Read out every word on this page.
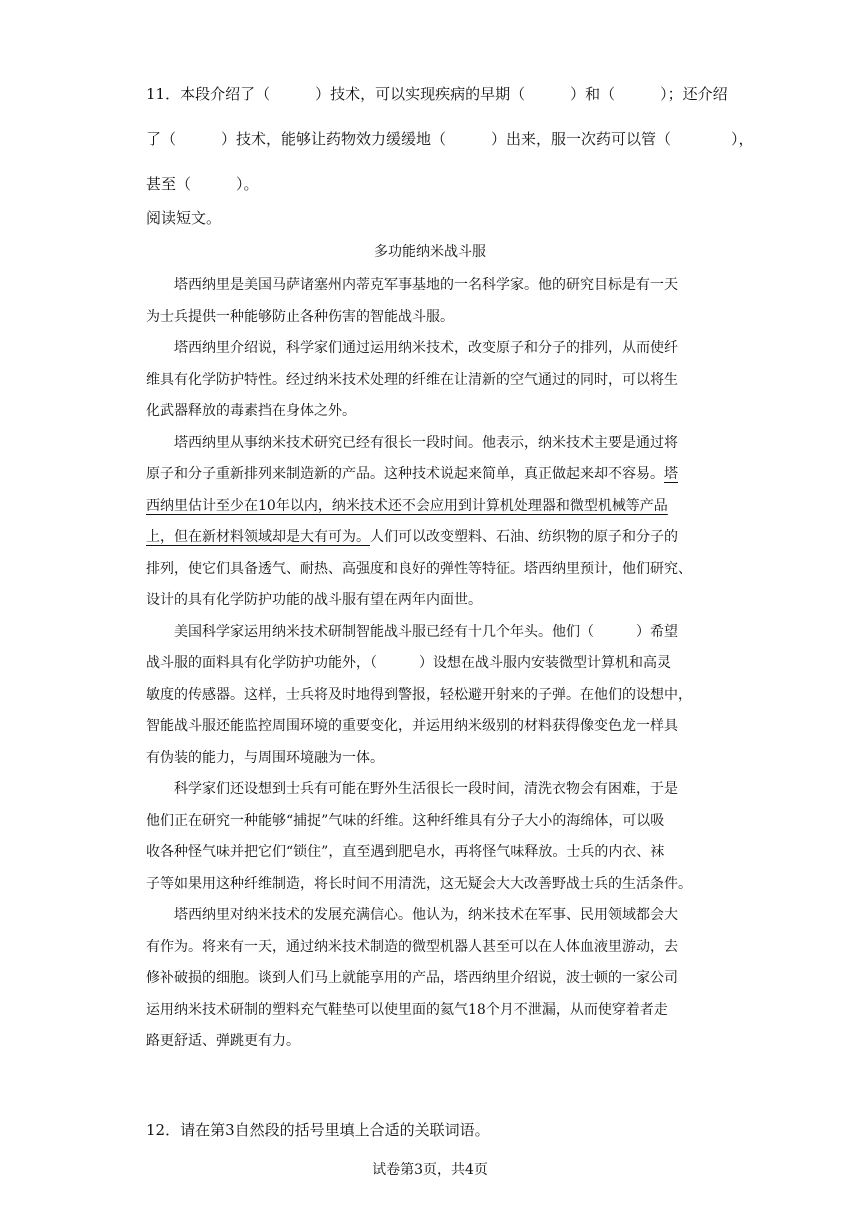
11．本段介绍了（　　　）技术，可以实现疾病的早期（　　　）和（　　　）；还介绍

了（　　　）技术，能够让药物效力缓缓地（　　　）出来，服一次药可以管（　　　　），

甚至（　　　）。

阅读短文。

多功能纳米战斗服

塔西纳里是美国马萨诸塞州内蒂克军事基地的一名科学家。他的研究目标是有一天
为士兵提供一种能够防止各种伤害的智能战斗服。

塔西纳里介绍说，科学家们通过运用纳米技术，改变原子和分子的排列，从而使纤
维具有化学防护特性。经过纳米技术处理的纤维在让清新的空气通过的同时，可以将生
化武器释放的毒素挡在身体之外。

塔西纳里从事纳米技术研究已经有很长一段时间。他表示，纳米技术主要是通过将
原子和分子重新排列来制造新的产品。这种技术说起来简单，真正做起来却不容易。塔
西纳里估计至少在10年以内，纳米技术还不会应用到计算机处理器和微型机械等产品
上，但在新材料领域却是大有可为。人们可以改变塑料、石油、纺织物的原子和分子的
排列，使它们具备透气、耐热、高强度和良好的弹性等特征。塔西纳里预计，他们研究、
设计的具有化学防护功能的战斗服有望在两年内面世。

美国科学家运用纳米技术研制智能战斗服已经有十几个年头。他们（　　　）希望
战斗服的面料具有化学防护功能外，（　　　）设想在战斗服内安装微型计算机和高灵
敏度的传感器。这样，士兵将及时地得到警报，轻松避开射来的子弹。在他们的设想中，
智能战斗服还能监控周围环境的重要变化，并运用纳米级别的材料获得像变色龙一样具
有伪装的能力，与周围环境融为一体。

科学家们还设想到士兵有可能在野外生活很长一段时间，清洗衣物会有困难，于是
他们正在研究一种能够“捕捉”气味的纤维。这种纤维具有分子大小的海绵体，可以吸
收各种怪气味并把它们“锁住”，直至遇到肥皂水，再将怪气味释放。士兵的内衣、袜
子等如果用这种纤维制造，将长时间不用清洗，这无疑会大大改善野战士兵的生活条件。

塔西纳里对纳米技术的发展充满信心。他认为，纳米技术在军事、民用领域都会大
有作为。将来有一天，通过纳米技术制造的微型机器人甚至可以在人体血液里游动，去
修补破损的细胞。谈到人们马上就能享用的产品，塔西纳里介绍说，波士顿的一家公司
运用纳米技术研制的塑料充气鞋垫可以使里面的氦气18个月不泄漏，从而使穿着者走
路更舒适、弹跳更有力。

12．请在第3自然段的括号里填上合适的关联词语。

试卷第3页，共4页
